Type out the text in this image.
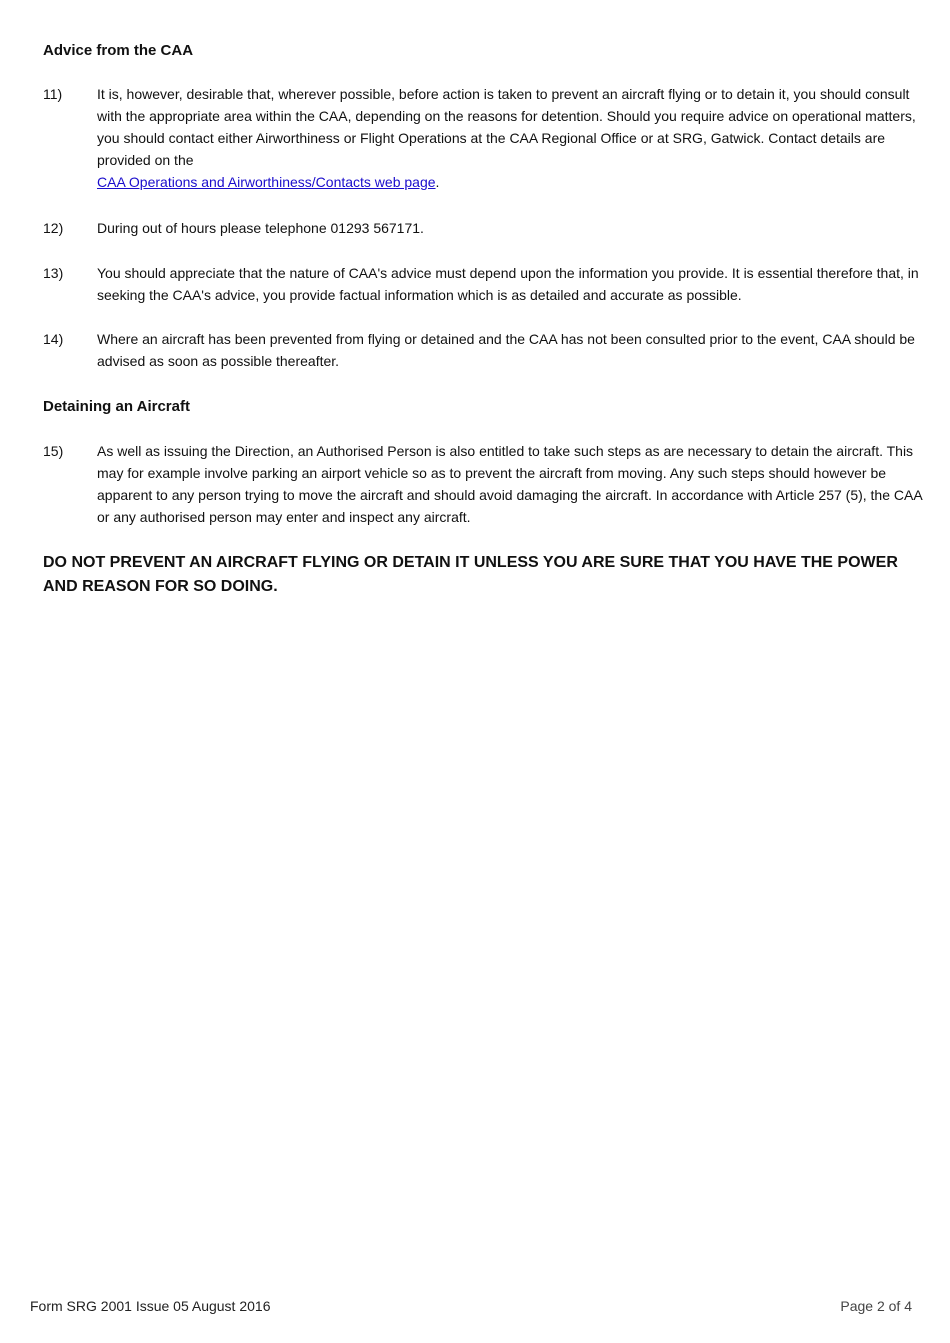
Advice from the CAA
11)	It is, however, desirable that, wherever possible, before action is taken to prevent an aircraft flying or to detain it, you should consult with the appropriate area within the CAA, depending on the reasons for detention. Should you require advice on operational matters, you should contact either Airworthiness or Flight Operations at the CAA Regional Office or at SRG, Gatwick. Contact details are provided on the
CAA Operations and Airworthiness/Contacts web page.
12)	During out of hours please telephone 01293 567171.
13)	You should appreciate that the nature of CAA's advice must depend upon the information you provide. It is essential therefore that, in seeking the CAA's advice, you provide factual information which is as detailed and accurate as possible.
14)	Where an aircraft has been prevented from flying or detained and the CAA has not been consulted prior to the event, CAA should be advised as soon as possible thereafter.
Detaining an Aircraft
15)	As well as issuing the Direction, an Authorised Person is also entitled to take such steps as are necessary to detain the aircraft. This may for example involve parking an airport vehicle so as to prevent the aircraft from moving. Any such steps should however be apparent to any person trying to move the aircraft and should avoid damaging the aircraft. In accordance with Article 257 (5), the CAA or any authorised person may enter and inspect any aircraft.

DO NOT PREVENT AN AIRCRAFT FLYING OR DETAIN IT UNLESS YOU ARE SURE THAT YOU HAVE THE POWER AND REASON FOR SO DOING.

Form SRG 2001 Issue 05 August 2016	Page 2 of 4
